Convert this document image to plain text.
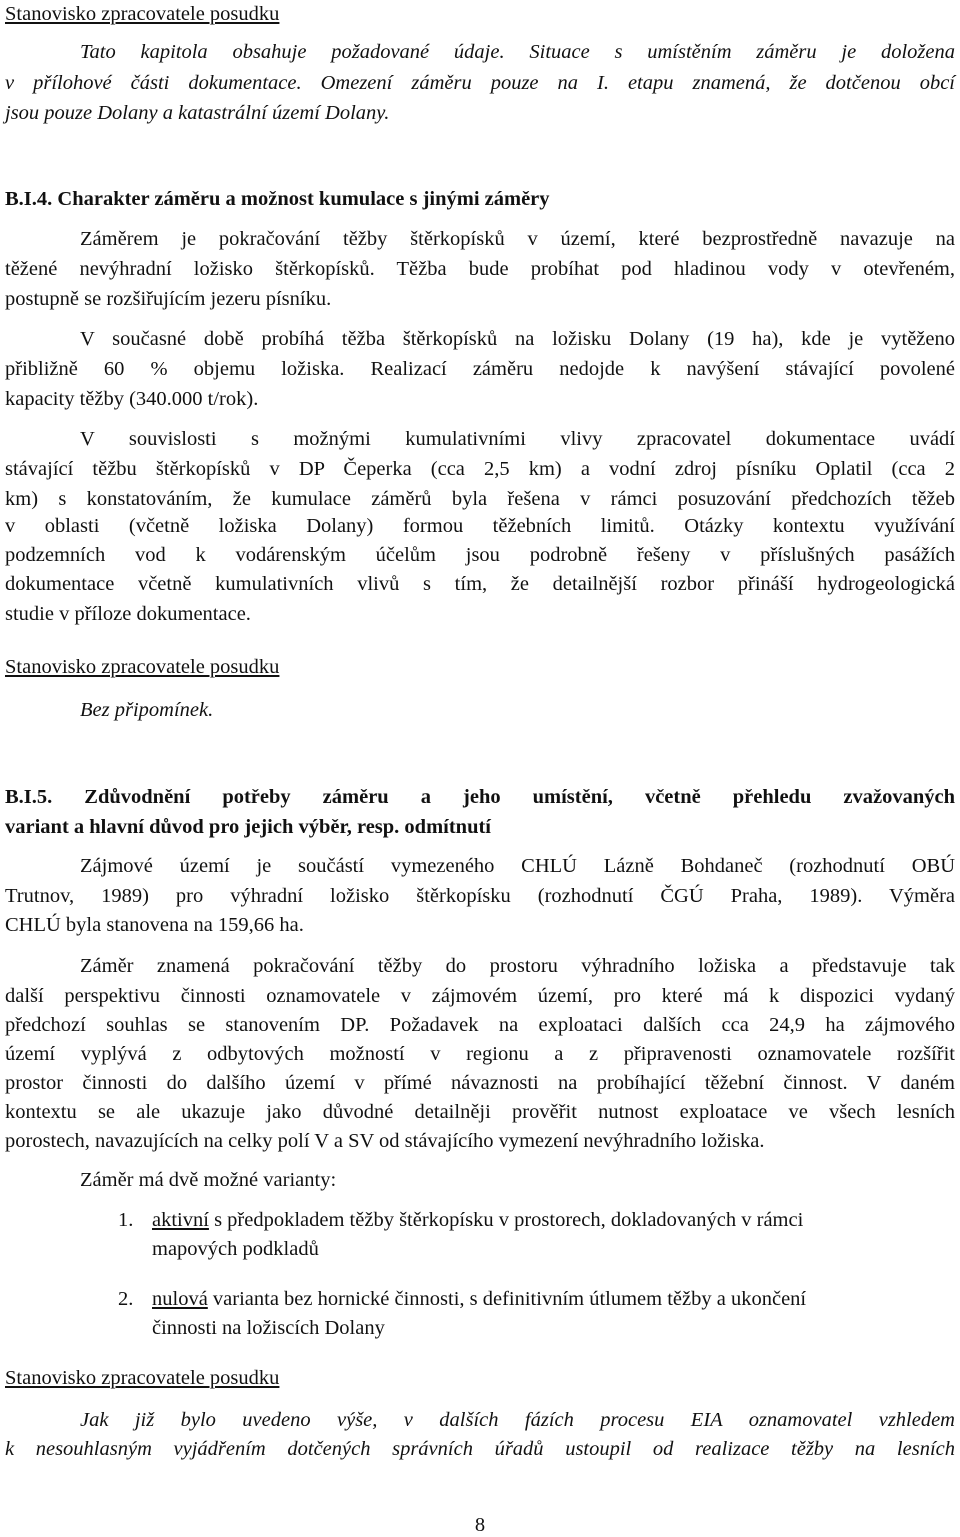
Stanovisko zpracovatele posudku
Tato kapitola obsahuje požadované údaje. Situace s umístěním záměru je doložena
v přílohové části dokumentace. Omezení záměru pouze na I. etapu znamená, že dotčenou obcí
jsou pouze Dolany a katastrální území Dolany.
B.I.4. Charakter záměru a možnost kumulace s jinými záměry
Záměrem je pokračování těžby štěrkopísků v území, které bezprostředně navazuje na
těžené nevýhradní ložisko štěrkopísků. Těžba bude probíhat pod hladinou vody v otevřeném,
postupně se rozšiřujícím jezeru písníku.
V současné době probíhá těžba štěrkopísků na ložisku Dolany (19 ha), kde je vytěženo
přibližně 60 % objemu ložiska. Realizací záměru nedojde k navýšení stávající povolené
kapacity těžby (340.000 t/rok).
V souvislosti s možnými kumulativními vlivy zpracovatel dokumentace uvádí
stávající těžbu štěrkopísků v DP Čeperka (cca 2,5 km) a vodní zdroj písníku Oplatil (cca 2
km) s konstatováním, že kumulace záměrů byla řešena v rámci posuzování předchozích těžeb
v oblasti (včetně ložiska Dolany) formou těžebních limitů. Otázky kontextu využívání
podzemních vod k vodárenským účelům jsou podrobně řešeny v příslušných pasážích
dokumentace včetně kumulativních vlivů s tím, že detailnější rozbor přináší hydrogeologická
studie v příloze dokumentace.
Stanovisko zpracovatele posudku
Bez připomínek.
B.I.5. Zdůvodnění potřeby záměru a jeho umístění, včetně přehledu zvažovaných
variant a hlavní důvod pro jejich výběr, resp. odmítnutí
Zájmové území je součástí vymezeného CHLÚ Lázně Bohdaneč (rozhodnutí OBÚ
Trutnov, 1989) pro výhradní ložisko štěrkopísku (rozhodnutí ČGÚ Praha, 1989). Výměra
CHLÚ byla stanovena na 159,66 ha.
Záměr znamená pokračování těžby do prostoru výhradního ložiska a představuje tak
další perspektivu činnosti oznamovatele v zájmovém území, pro které má k dispozici vydaný
předchozí souhlas se stanovením DP. Požadavek na exploataci dalších cca 24,9 ha zájmového
území vyplývá z odbytových možností v regionu a z připravenosti oznamovatele rozšířit
prostor činnosti do dalšího území v přímé návaznosti na probíhající těžební činnost. V daném
kontextu se ale ukazuje jako důvodné detailněji prověřit nutnost exploatace ve všech lesních
porostech, navazujících na celky polí V a SV od stávajícího vymezení nevýhradního ložiska.
Záměr má dvě možné varianty:
1. aktivní s předpokladem těžby štěrkopísku v prostorech, dokladovaných v rámci
mapových podkladů
2. nulová varianta bez hornické činnosti, s definitivním útlumem těžby a ukončení
činnosti na ložiscích Dolany
Stanovisko zpracovatele posudku
Jak již bylo uvedeno výše, v dalších fázích procesu EIA oznamovatel vzhledem
k nesouhlasným vyjádřením dotčených správních úřadů ustoupil od realizace těžby na lesních
8
